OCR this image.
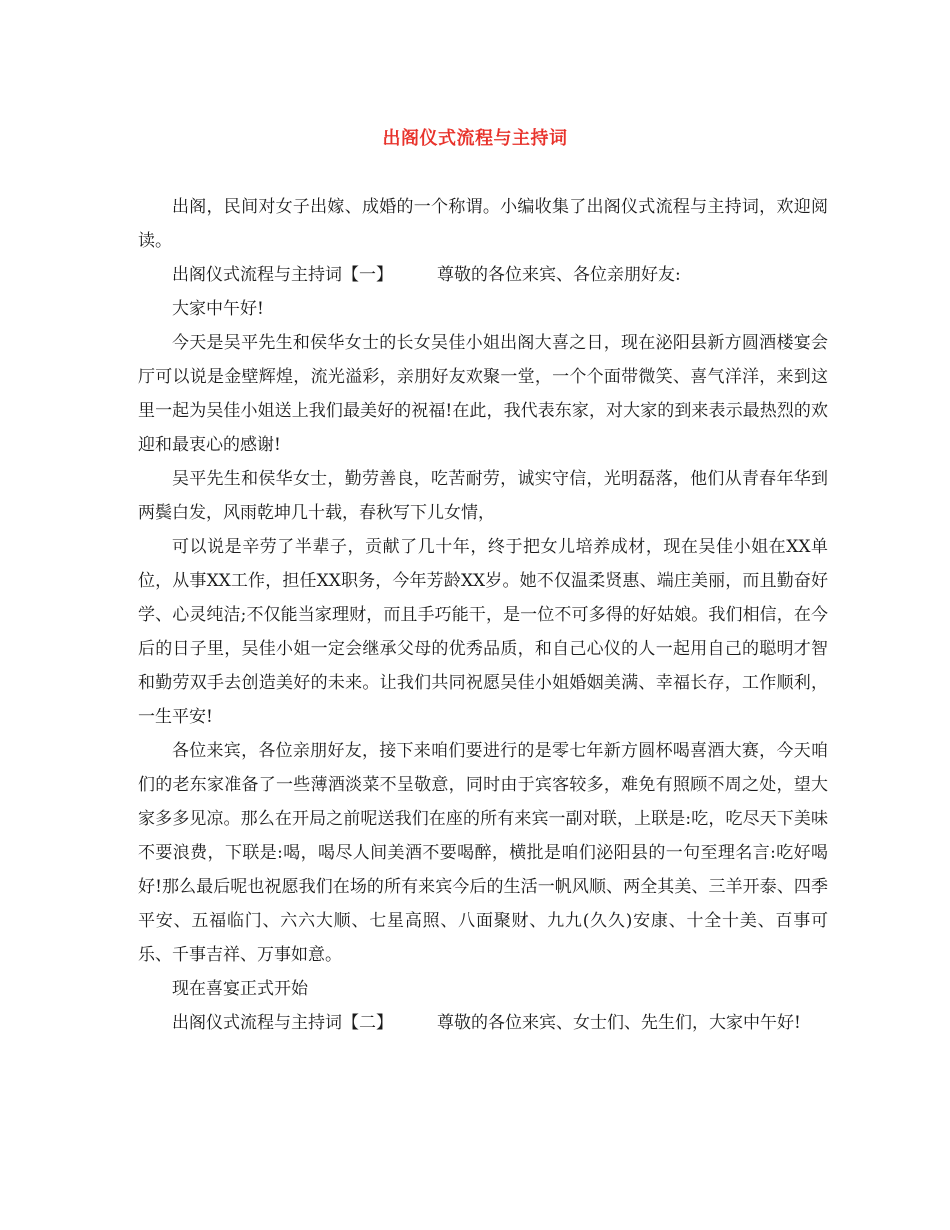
出阁仪式流程与主持词

出阁，民间对女子出嫁、成婚的一个称谓。小编收集了出阁仪式流程与主持词，欢迎阅读。

出阁仪式流程与主持词【一】	尊敬的各位来宾、各位亲朋好友:

大家中午好!

今天是吴平先生和侯华女士的长女吴佳小姐出阁大喜之日，现在泌阳县新方圆酒楼宴会厅可以说是金壁辉煌，流光溢彩，亲朋好友欢聚一堂，一个个面带微笑、喜气洋洋，来到这里一起为吴佳小姐送上我们最美好的祝福!在此，我代表东家，对大家的到来表示最热烈的欢迎和最衷心的感谢!

吴平先生和侯华女士，勤劳善良，吃苦耐劳，诚实守信，光明磊落，他们从青春年华到两鬓白发，风雨乾坤几十载，春秋写下儿女情，

可以说是辛劳了半辈子，贡献了几十年，终于把女儿培养成材，现在吴佳小姐在XX单位，从事XX工作，担任XX职务，今年芳龄XX岁。她不仅温柔贤惠、端庄美丽，而且勤奋好学、心灵纯洁;不仅能当家理财，而且手巧能干，是一位不可多得的好姑娘。我们相信，在今后的日子里，吴佳小姐一定会继承父母的优秀品质，和自己心仪的人一起用自己的聪明才智和勤劳双手去创造美好的未来。让我们共同祝愿吴佳小姐婚姻美满、幸福长存，工作顺利，一生平安!

各位来宾，各位亲朋好友，接下来咱们要进行的是零七年新方圆杯喝喜酒大赛，今天咱们的老东家准备了一些薄酒淡菜不呈敬意，同时由于宾客较多，难免有照顾不周之处，望大家多多见凉。那么在开局之前呢送我们在座的所有来宾一副对联，上联是:吃，吃尽天下美味不要浪费，下联是:喝，喝尽人间美酒不要喝醉，横批是咱们泌阳县的一句至理名言:吃好喝好!那么最后呢也祝愿我们在场的所有来宾今后的生活一帆风顺、两全其美、三羊开泰、四季平安、五福临门、六六大顺、七星高照、八面聚财、九九(久久)安康、十全十美、百事可乐、千事吉祥、万事如意。

现在喜宴正式开始

出阁仪式流程与主持词【二】	尊敬的各位来宾、女士们、先生们，大家中午好!
